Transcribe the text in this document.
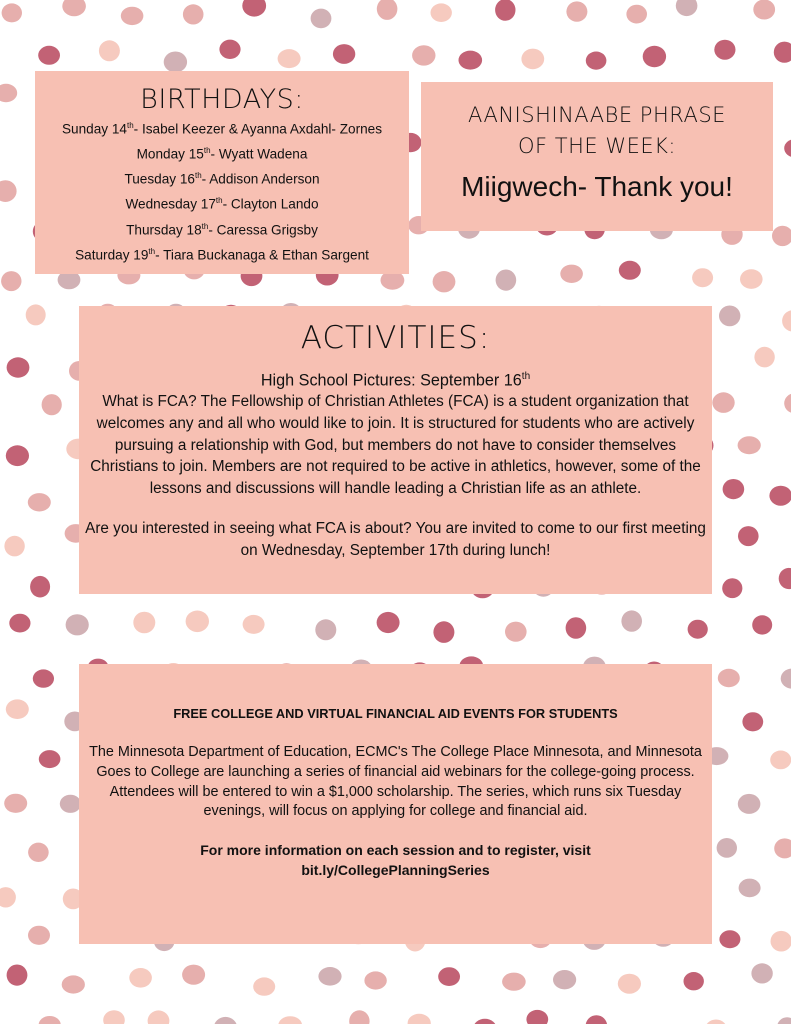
BIRTHDAYS:
Sunday 14th- Isabel Keezer & Ayanna Axdahl- Zornes
Monday 15th- Wyatt Wadena
Tuesday 16th- Addison Anderson
Wednesday 17th- Clayton Lando
Thursday 18th- Caressa Grigsby
Saturday 19th- Tiara Buckanaga & Ethan Sargent
AANISHINAABE PHRASE
OF THE WEEK:
Miigwech- Thank you!
ACTIVITIES:
High School Pictures: September 16th
What is FCA? The Fellowship of Christian Athletes (FCA) is a student organization that welcomes any and all who would like to join. It is structured for students who are actively pursuing a relationship with God, but members do not have to consider themselves Christians to join. Members are not required to be active in athletics, however, some of the lessons and discussions will handle leading a Christian life as an athlete.
Are you interested in seeing what FCA is about? You are invited to come to our first meeting on Wednesday, September 17th during lunch!
FREE COLLEGE AND VIRTUAL FINANCIAL AID EVENTS FOR STUDENTS
The Minnesota Department of Education, ECMC's The College Place Minnesota, and Minnesota Goes to College are launching a series of financial aid webinars for the college-going process. Attendees will be entered to win a $1,000 scholarship. The series, which runs six Tuesday evenings, will focus on applying for college and financial aid.
For more information on each session and to register, visit bit.ly/CollegePlanningSeries
